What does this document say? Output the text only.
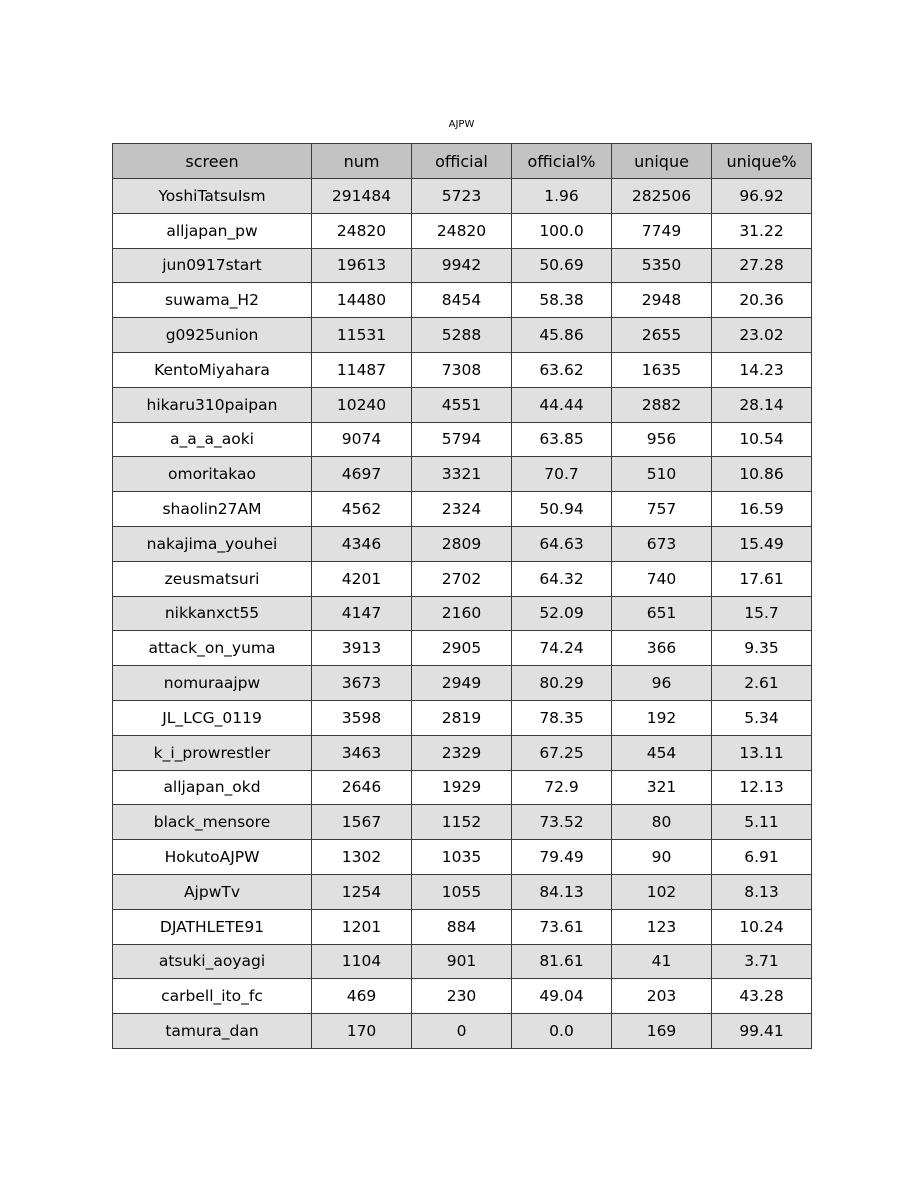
AJPW
screen	num	official	official%	unique	unique%
YoshiTatsuIsm	291484	5723	1.96	282506	96.92
alljapan_pw	24820	24820	100.0	7749	31.22
jun0917start	19613	9942	50.69	5350	27.28
suwama_H2	14480	8454	58.38	2948	20.36
g0925union	11531	5288	45.86	2655	23.02
KentoMiyahara	11487	7308	63.62	1635	14.23
hikaru310paipan	10240	4551	44.44	2882	28.14
a_a_a_aoki	9074	5794	63.85	956	10.54
omoritakao	4697	3321	70.7	510	10.86
shaolin27AM	4562	2324	50.94	757	16.59
nakajima_youhei	4346	2809	64.63	673	15.49
zeusmatsuri	4201	2702	64.32	740	17.61
nikkanxct55	4147	2160	52.09	651	15.7
attack_on_yuma	3913	2905	74.24	366	9.35
nomuraajpw	3673	2949	80.29	96	2.61
JL_LCG_0119	3598	2819	78.35	192	5.34
k_i_prowrestler	3463	2329	67.25	454	13.11
alljapan_okd	2646	1929	72.9	321	12.13
black_mensore	1567	1152	73.52	80	5.11
HokutoAJPW	1302	1035	79.49	90	6.91
AjpwTv	1254	1055	84.13	102	8.13
DJATHLETE91	1201	884	73.61	123	10.24
atsuki_aoyagi	1104	901	81.61	41	3.71
carbell_ito_fc	469	230	49.04	203	43.28
tamura_dan	170	0	0.0	169	99.41
